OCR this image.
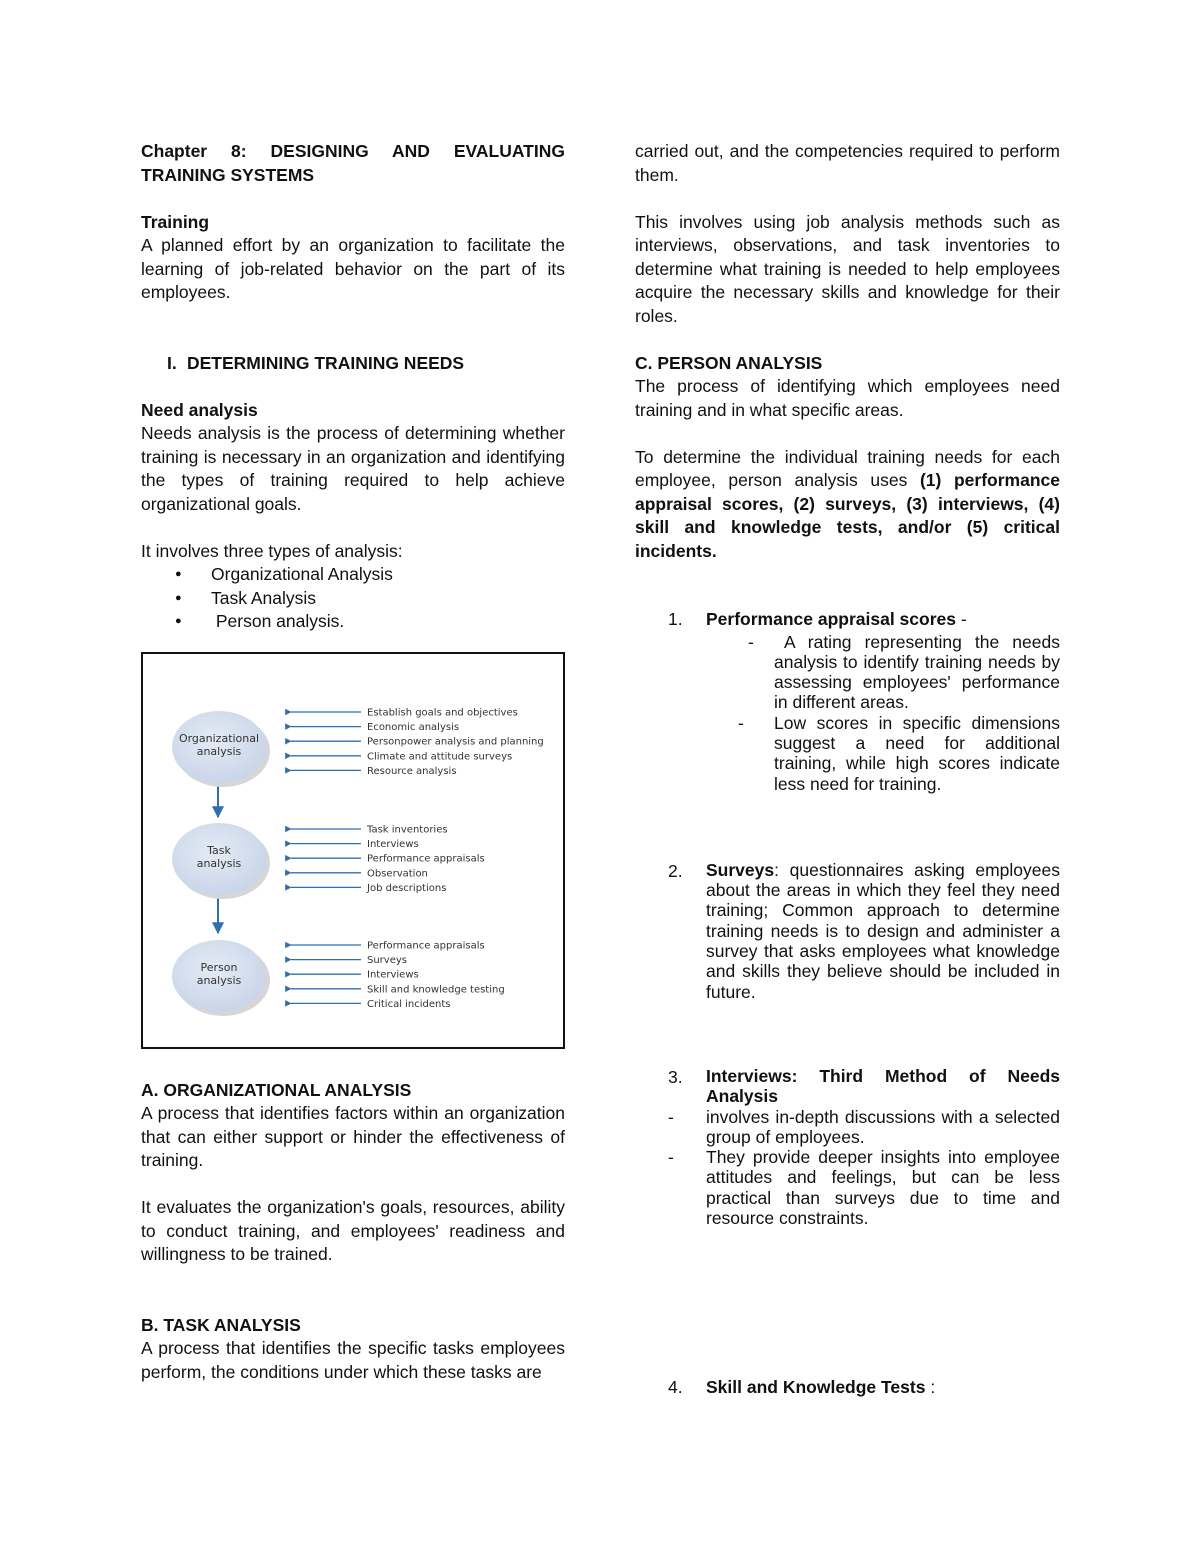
Chapter 8: DESIGNING AND EVALUATING TRAINING SYSTEMS

Training

A planned effort by an organization to facilitate the learning of job-related behavior on the part of its employees.

I. DETERMINING TRAINING NEEDS

Need analysis

Needs analysis is the process of determining whether training is necessary in an organization and identifying the types of training required to help achieve organizational goals.

It involves three types of analysis:

● Organizational Analysis
● Task Analysis
●  Person analysis.
Organizational
analysis
Task
analysis
Person
analysis
Establish goals and objectives
Economic analysis
Personpower analysis and planning
Climate and attitude surveys
Resource analysis
Task inventories
Interviews
Performance appraisals
Observation
Job descriptions
Performance appraisals
Surveys
Interviews
Skill and knowledge testing
Critical incidents

A. ORGANIZATIONAL ANALYSIS

A process that identifies factors within an organization that can either support or hinder the effectiveness of training.

It evaluates the organization's goals, resources, ability to conduct training, and employees' readiness and willingness to be trained.

B. TASK ANALYSIS

A process that identifies the specific tasks employees perform, the conditions under which these tasks are

carried out, and the competencies required to perform them.

This involves using job analysis methods such as interviews, observations, and task inventories to determine what training is needed to help employees acquire the necessary skills and knowledge for their roles.

C. PERSON ANALYSIS

The process of identifying which employees need training and in what specific areas.

To determine the individual training needs for each employee, person analysis uses (1) performance appraisal scores, (2) surveys, (3) interviews, (4) skill and knowledge tests, and/or (5) critical incidents.

1.	Performance appraisal scores -

- A rating representing the needs analysis to identify training needs by assessing employees' performance in different areas.
- Low scores in specific dimensions suggest a need for additional training, while high scores indicate less need for training.
2.	Surveys: questionnaires asking employees about the areas in which they feel they need training; Common approach to determine training needs is to design and administer a survey that asks employees what knowledge and skills they believe should be included in future.

3.	Interviews: Third Method of Needs Analysis

- involves in-depth discussions with a selected group of employees.
- They provide deeper insights into employee attitudes and feelings, but can be less practical than surveys due to time and resource constraints.
4.	Skill and Knowledge Tests :
